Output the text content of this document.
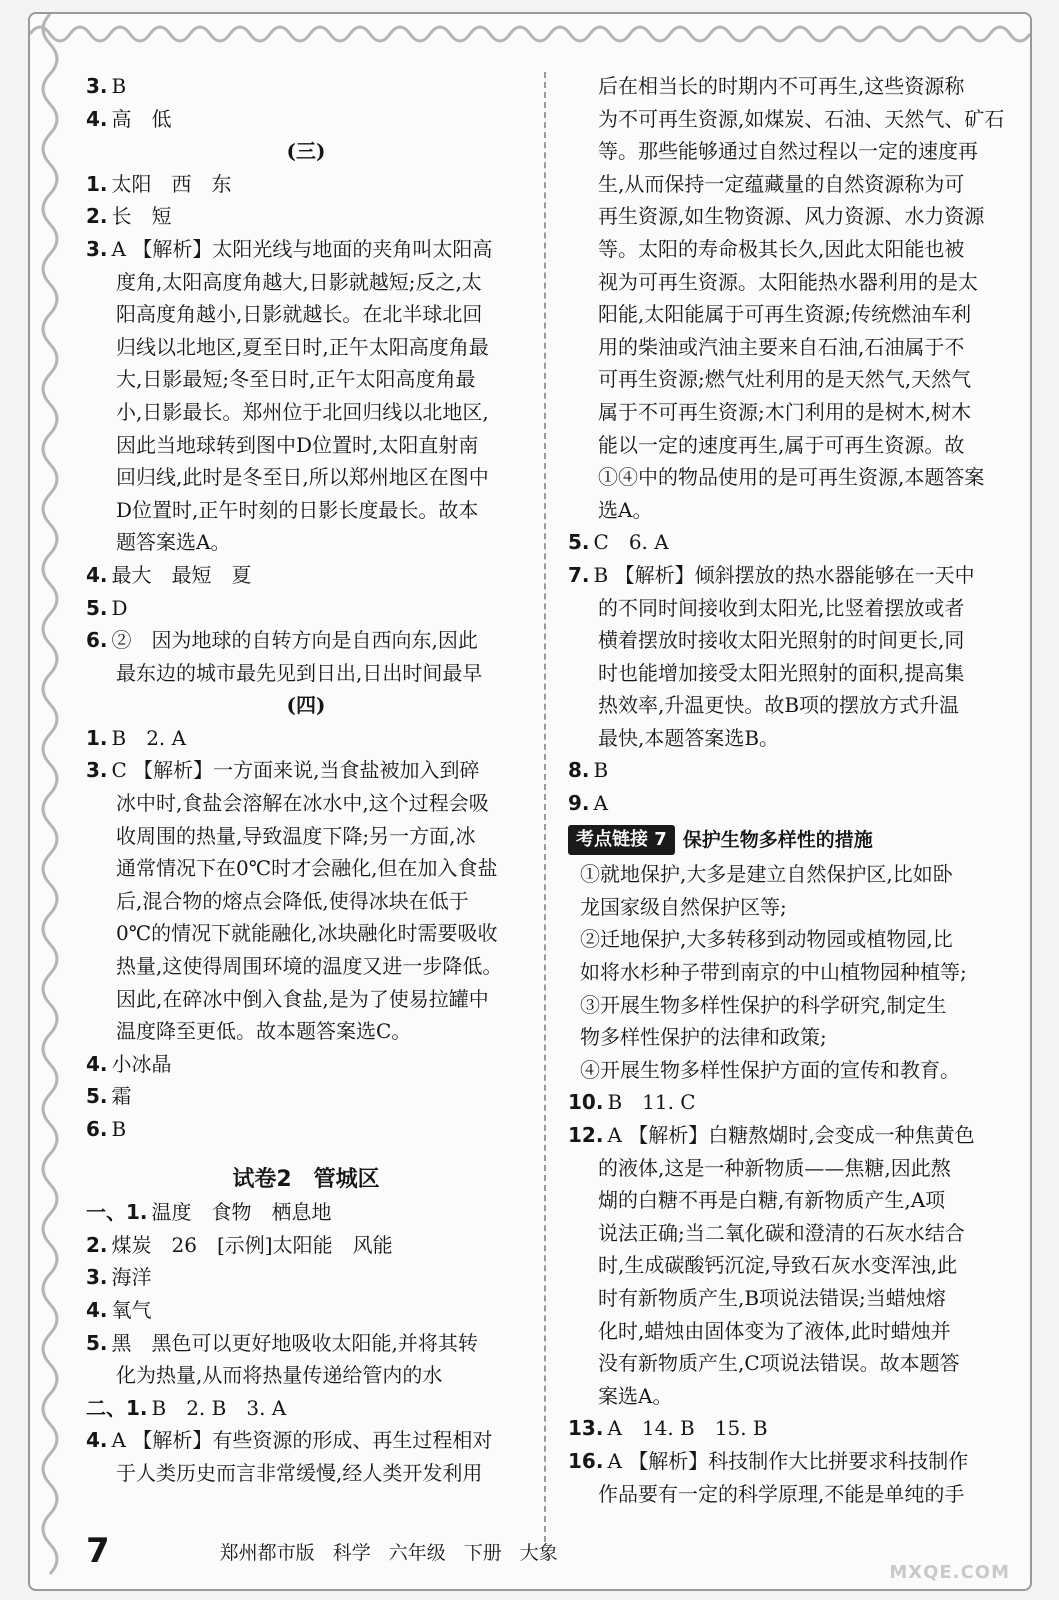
3. B
4. 高　低
(三)
1. 太阳　西　东
2. 长　短
3. A 【解析】太阳光线与地面的夹角叫太阳高
度角,太阳高度角越大,日影就越短;反之,太
阳高度角越小,日影就越长。在北半球北回
归线以北地区,夏至日时,正午太阳高度角最
大,日影最短;冬至日时,正午太阳高度角最
小,日影最长。郑州位于北回归线以北地区,
因此当地球转到图中D位置时,太阳直射南
回归线,此时是冬至日,所以郑州地区在图中
D位置时,正午时刻的日影长度最长。故本
题答案选A。
4. 最大　最短　夏
5. D
6. ②　因为地球的自转方向是自西向东,因此
最东边的城市最先见到日出,日出时间最早
(四)
1. B　2. A
3. C 【解析】一方面来说,当食盐被加入到碎
冰中时,食盐会溶解在冰水中,这个过程会吸
收周围的热量,导致温度下降;另一方面,冰
通常情况下在0℃时才会融化,但在加入食盐
后,混合物的熔点会降低,使得冰块在低于
0℃的情况下就能融化,冰块融化时需要吸收
热量,这使得周围环境的温度又进一步降低。
因此,在碎冰中倒入食盐,是为了使易拉罐中
温度降至更低。故本题答案选C。
4. 小冰晶
5. 霜
6. B
试卷2　管城区
一、1. 温度　食物　栖息地
2. 煤炭　26　[示例]太阳能　风能
3. 海洋
4. 氧气
5. 黑　黑色可以更好地吸收太阳能,并将其转
化为热量,从而将热量传递给管内的水
二、1. B　2. B　3. A
4. A 【解析】有些资源的形成、再生过程相对
于人类历史而言非常缓慢,经人类开发利用
后在相当长的时期内不可再生,这些资源称
为不可再生资源,如煤炭、石油、天然气、矿石
等。那些能够通过自然过程以一定的速度再
生,从而保持一定蕴藏量的自然资源称为可
再生资源,如生物资源、风力资源、水力资源
等。太阳的寿命极其长久,因此太阳能也被
视为可再生资源。太阳能热水器利用的是太
阳能,太阳能属于可再生资源;传统燃油车利
用的柴油或汽油主要来自石油,石油属于不
可再生资源;燃气灶利用的是天然气,天然气
属于不可再生资源;木门利用的是树木,树木
能以一定的速度再生,属于可再生资源。故
①④中的物品使用的是可再生资源,本题答案
选A。
5. C　6. A
7. B 【解析】倾斜摆放的热水器能够在一天中
的不同时间接收到太阳光,比竖着摆放或者
横着摆放时接收太阳光照射的时间更长,同
时也能增加接受太阳光照射的面积,提高集
热效率,升温更快。故B项的摆放方式升温
最快,本题答案选B。
8. B
9. A
考点链接 7 保护生物多样性的措施
①就地保护,大多是建立自然保护区,比如卧
龙国家级自然保护区等;
②迁地保护,大多转移到动物园或植物园,比
如将水杉种子带到南京的中山植物园种植等;
③开展生物多样性保护的科学研究,制定生
物多样性保护的法律和政策;
④开展生物多样性保护方面的宣传和教育。
10. B　11. C
12. A 【解析】白糖熬煳时,会变成一种焦黄色
的液体,这是一种新物质——焦糖,因此熬
煳的白糖不再是白糖,有新物质产生,A项
说法正确;当二氧化碳和澄清的石灰水结合
时,生成碳酸钙沉淀,导致石灰水变浑浊,此
时有新物质产生,B项说法错误;当蜡烛熔
化时,蜡烛由固体变为了液体,此时蜡烛并
没有新物质产生,C项说法错误。故本题答
案选A。
13. A　14. B　15. B
16. A 【解析】科技制作大比拼要求科技制作
作品要有一定的科学原理,不能是单纯的手
7	郑州都市版 科学 六年级 下册 大象
MXQE.COM
